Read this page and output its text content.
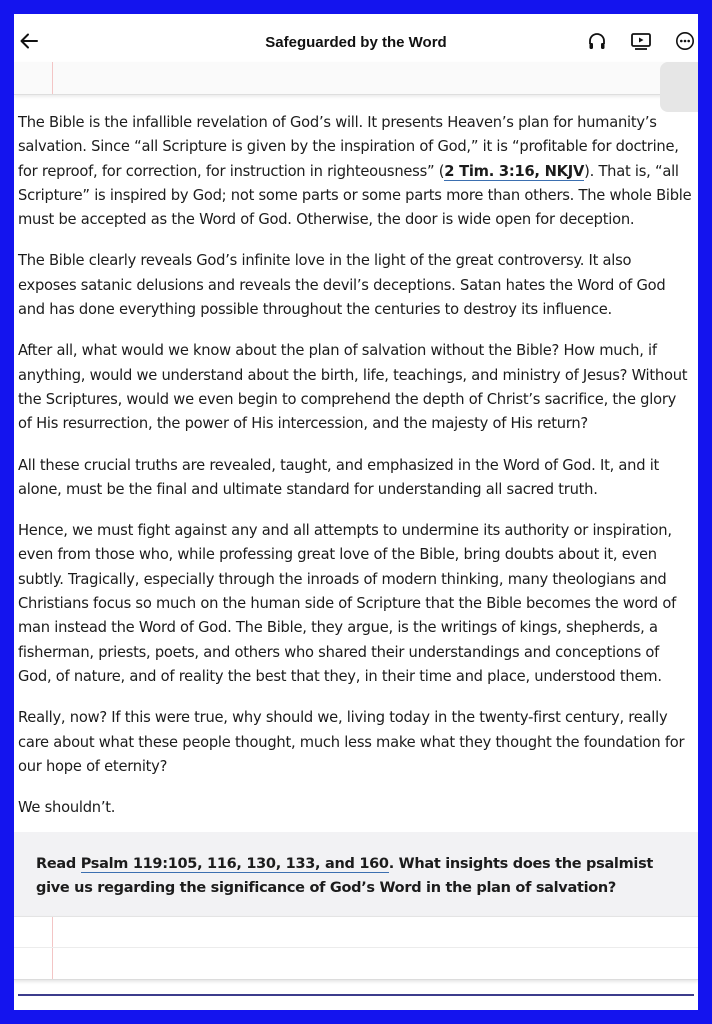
Safeguarded by the Word

The Bible is the infallible revelation of God’s will. It presents Heaven’s plan for humanity’s salvation. Since “all Scripture is given by the inspiration of God,” it is “profitable for doctrine, for reproof, for correction, for instruction in righteousness” (2 Tim. 3:16, NKJV). That is, “all Scripture” is inspired by God; not some parts or some parts more than others. The whole Bible must be accepted as the Word of God. Otherwise, the door is wide open for deception.

The Bible clearly reveals God’s infinite love in the light of the great controversy. It also exposes satanic delusions and reveals the devil’s deceptions. Satan hates the Word of God and has done everything possible throughout the centuries to destroy its influence.

After all, what would we know about the plan of salvation without the Bible? How much, if anything, would we understand about the birth, life, teachings, and ministry of Jesus? Without the Scriptures, would we even begin to comprehend the depth of Christ’s sacrifice, the glory of His resurrection, the power of His intercession, and the majesty of His return?

All these crucial truths are revealed, taught, and emphasized in the Word of God. It, and it alone, must be the final and ultimate standard for understanding all sacred truth.

Hence, we must fight against any and all attempts to undermine its authority or inspiration, even from those who, while professing great love of the Bible, bring doubts about it, even subtly. Tragically, especially through the inroads of modern thinking, many theologians and Christians focus so much on the human side of Scripture that the Bible becomes the word of man instead the Word of God. The Bible, they argue, is the writings of kings, shepherds, a fisherman, priests, poets, and others who shared their understandings and conceptions of God, of nature, and of reality the best that they, in their time and place, understood them.

Really, now? If this were true, why should we, living today in the twenty-first century, really care about what these people thought, much less make what they thought the foundation for our hope of eternity?

We shouldn’t.

Read Psalm 119:105, 116, 130, 133, and 160. What insights does the psalmist give us regarding the significance of God’s Word in the plan of salvation?
